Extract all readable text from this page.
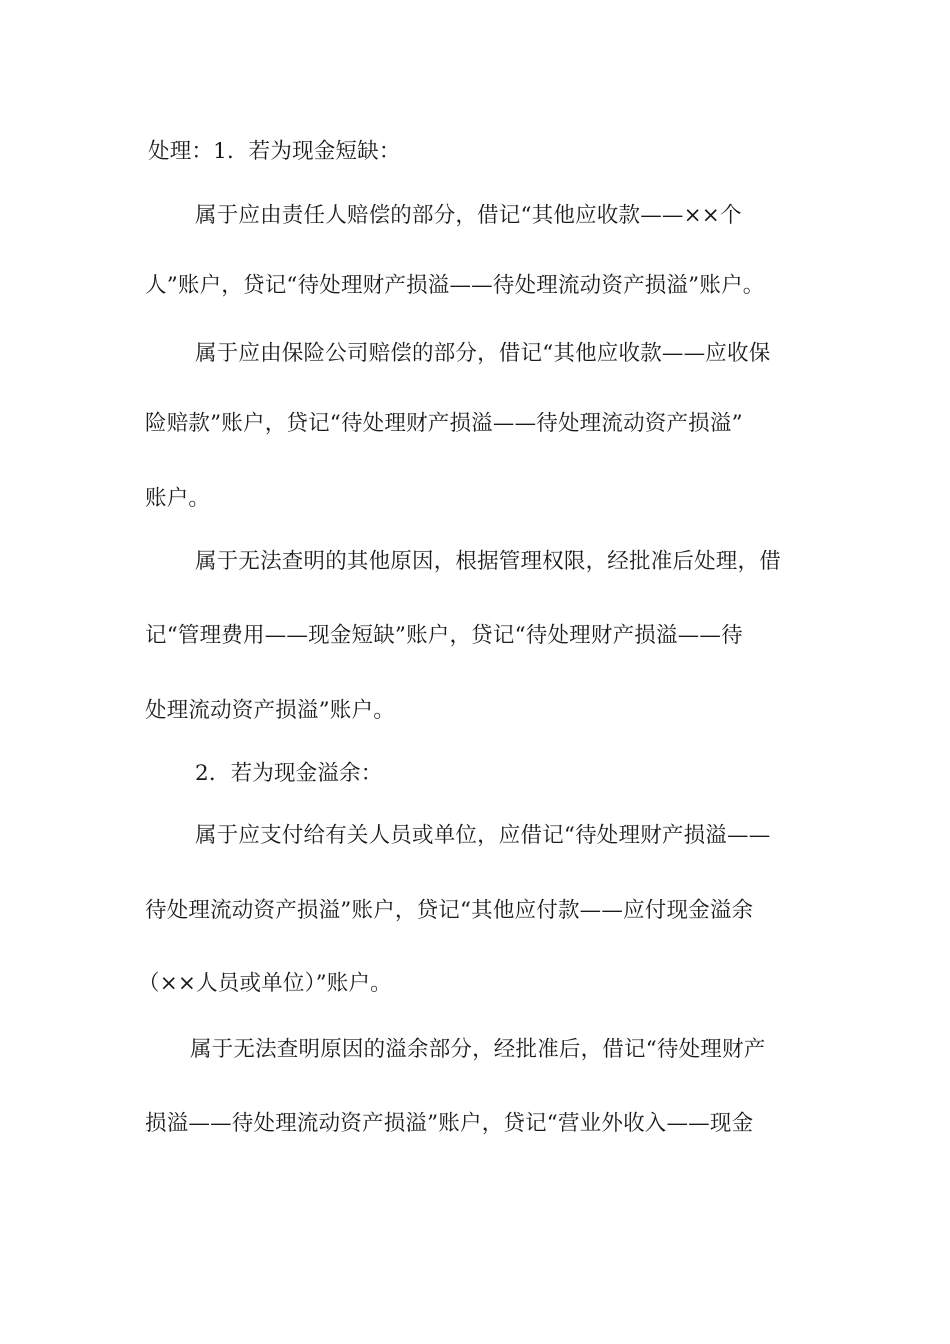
处理：1．若为现金短缺：
属于应由责任人赔偿的部分，借记“其他应收款——××个
人”账户，贷记“待处理财产损溢——待处理流动资产损溢”账户。
属于应由保险公司赔偿的部分，借记“其他应收款——应收保
险赔款”账户，贷记“待处理财产损溢——待处理流动资产损溢”
账户。
属于无法查明的其他原因，根据管理权限，经批准后处理，借
记“管理费用——现金短缺”账户，贷记“待处理财产损溢——待
处理流动资产损溢”账户。
2．若为现金溢余：
属于应支付给有关人员或单位，应借记“待处理财产损溢——
待处理流动资产损溢”账户，贷记“其他应付款——应付现金溢余
（××人员或单位）”账户。
属于无法查明原因的溢余部分，经批准后，借记“待处理财产
损溢——待处理流动资产损溢”账户，贷记“营业外收入——现金
